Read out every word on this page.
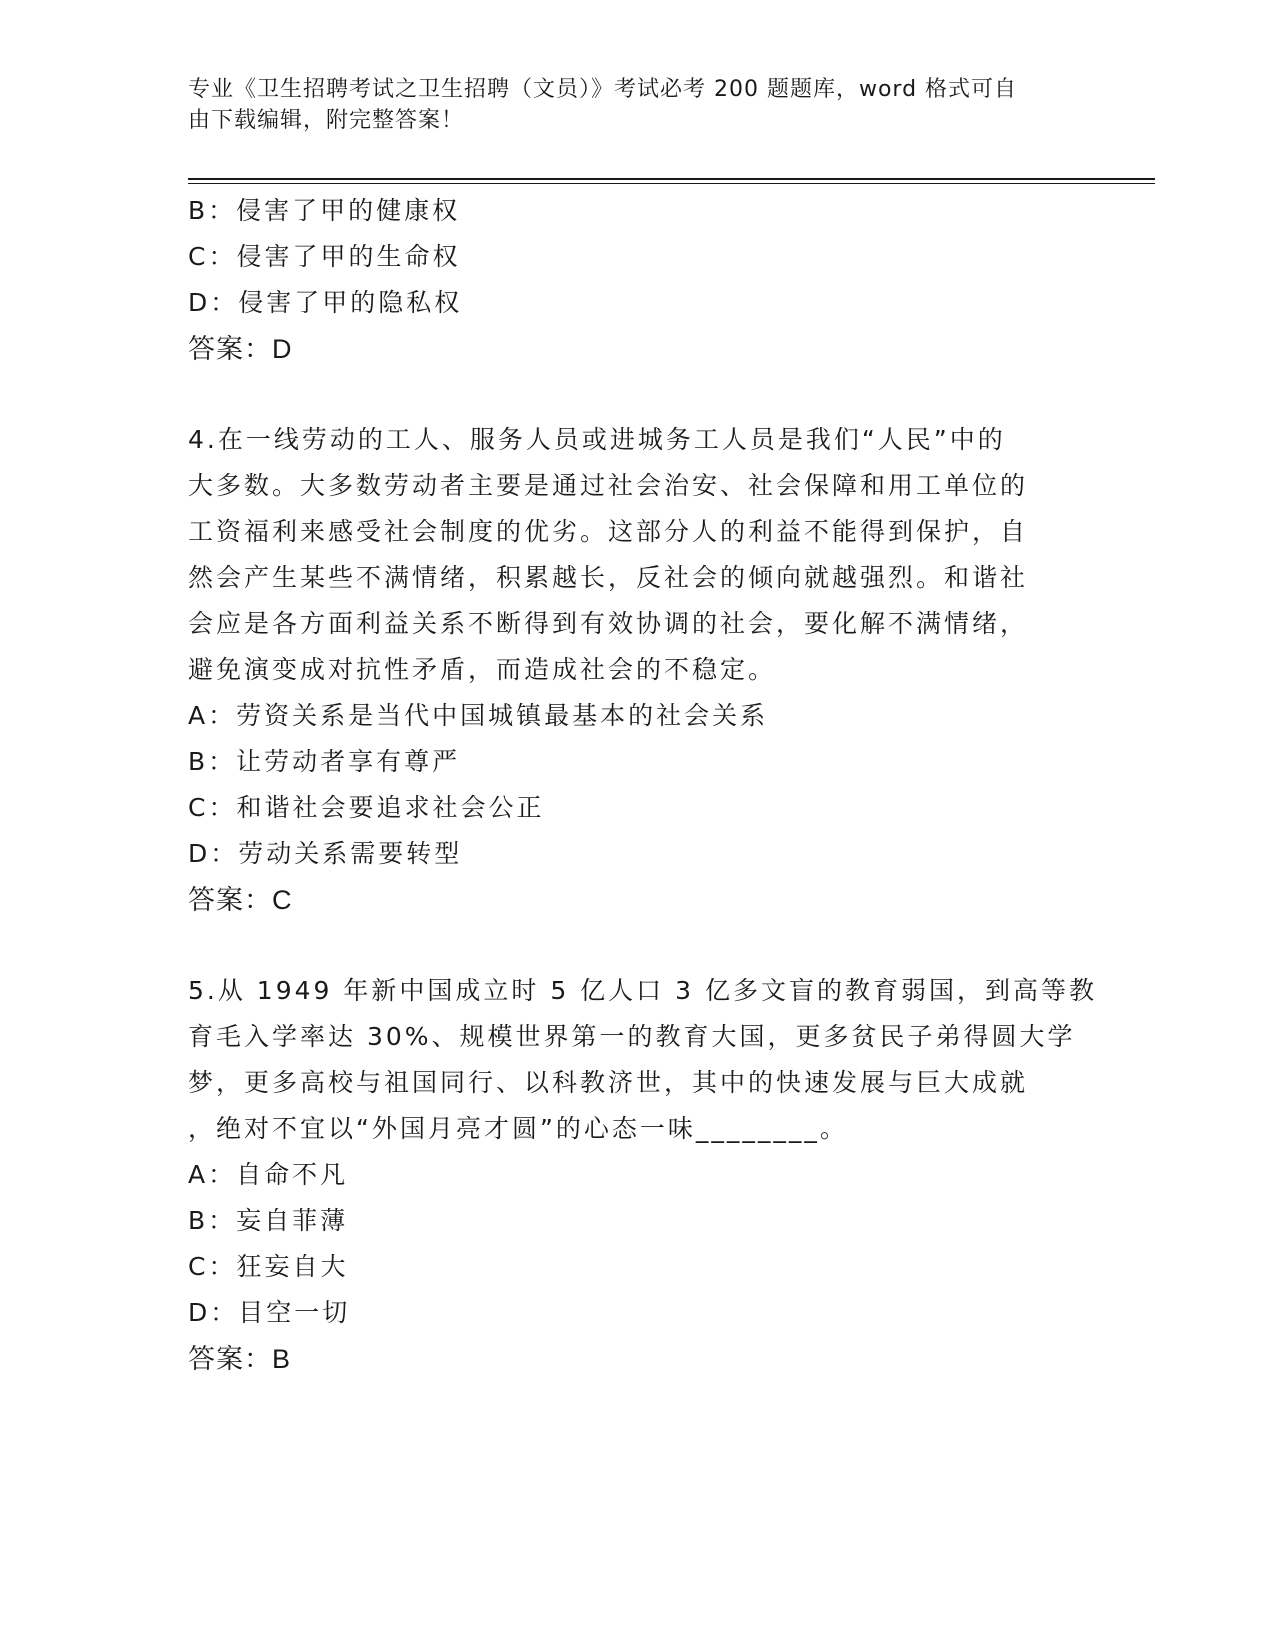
专业《卫生招聘考试之卫生招聘（文员）》考试必考 200 题题库，word 格式可自
由下载编辑，附完整答案！
B：侵害了甲的健康权
C：侵害了甲的生命权
D：侵害了甲的隐私权
答案：D
4.在一线劳动的工人、服务人员或进城务工人员是我们“人民”中的
大多数。大多数劳动者主要是通过社会治安、社会保障和用工单位的
工资福利来感受社会制度的优劣。这部分人的利益不能得到保护，自
然会产生某些不满情绪，积累越长，反社会的倾向就越强烈。和谐社
会应是各方面利益关系不断得到有效协调的社会，要化解不满情绪，
避免演变成对抗性矛盾，而造成社会的不稳定。
A：劳资关系是当代中国城镇最基本的社会关系
B：让劳动者享有尊严
C：和谐社会要追求社会公正
D：劳动关系需要转型
答案：C
5.从 1949 年新中国成立时 5 亿人口 3 亿多文盲的教育弱国，到高等教
育毛入学率达 30%、规模世界第一的教育大国，更多贫民子弟得圆大学
梦，更多高校与祖国同行、以科教济世，其中的快速发展与巨大成就
，绝对不宜以“外国月亮才圆”的心态一味________。
A：自命不凡
B：妄自菲薄
C：狂妄自大
D：目空一切
答案：B
